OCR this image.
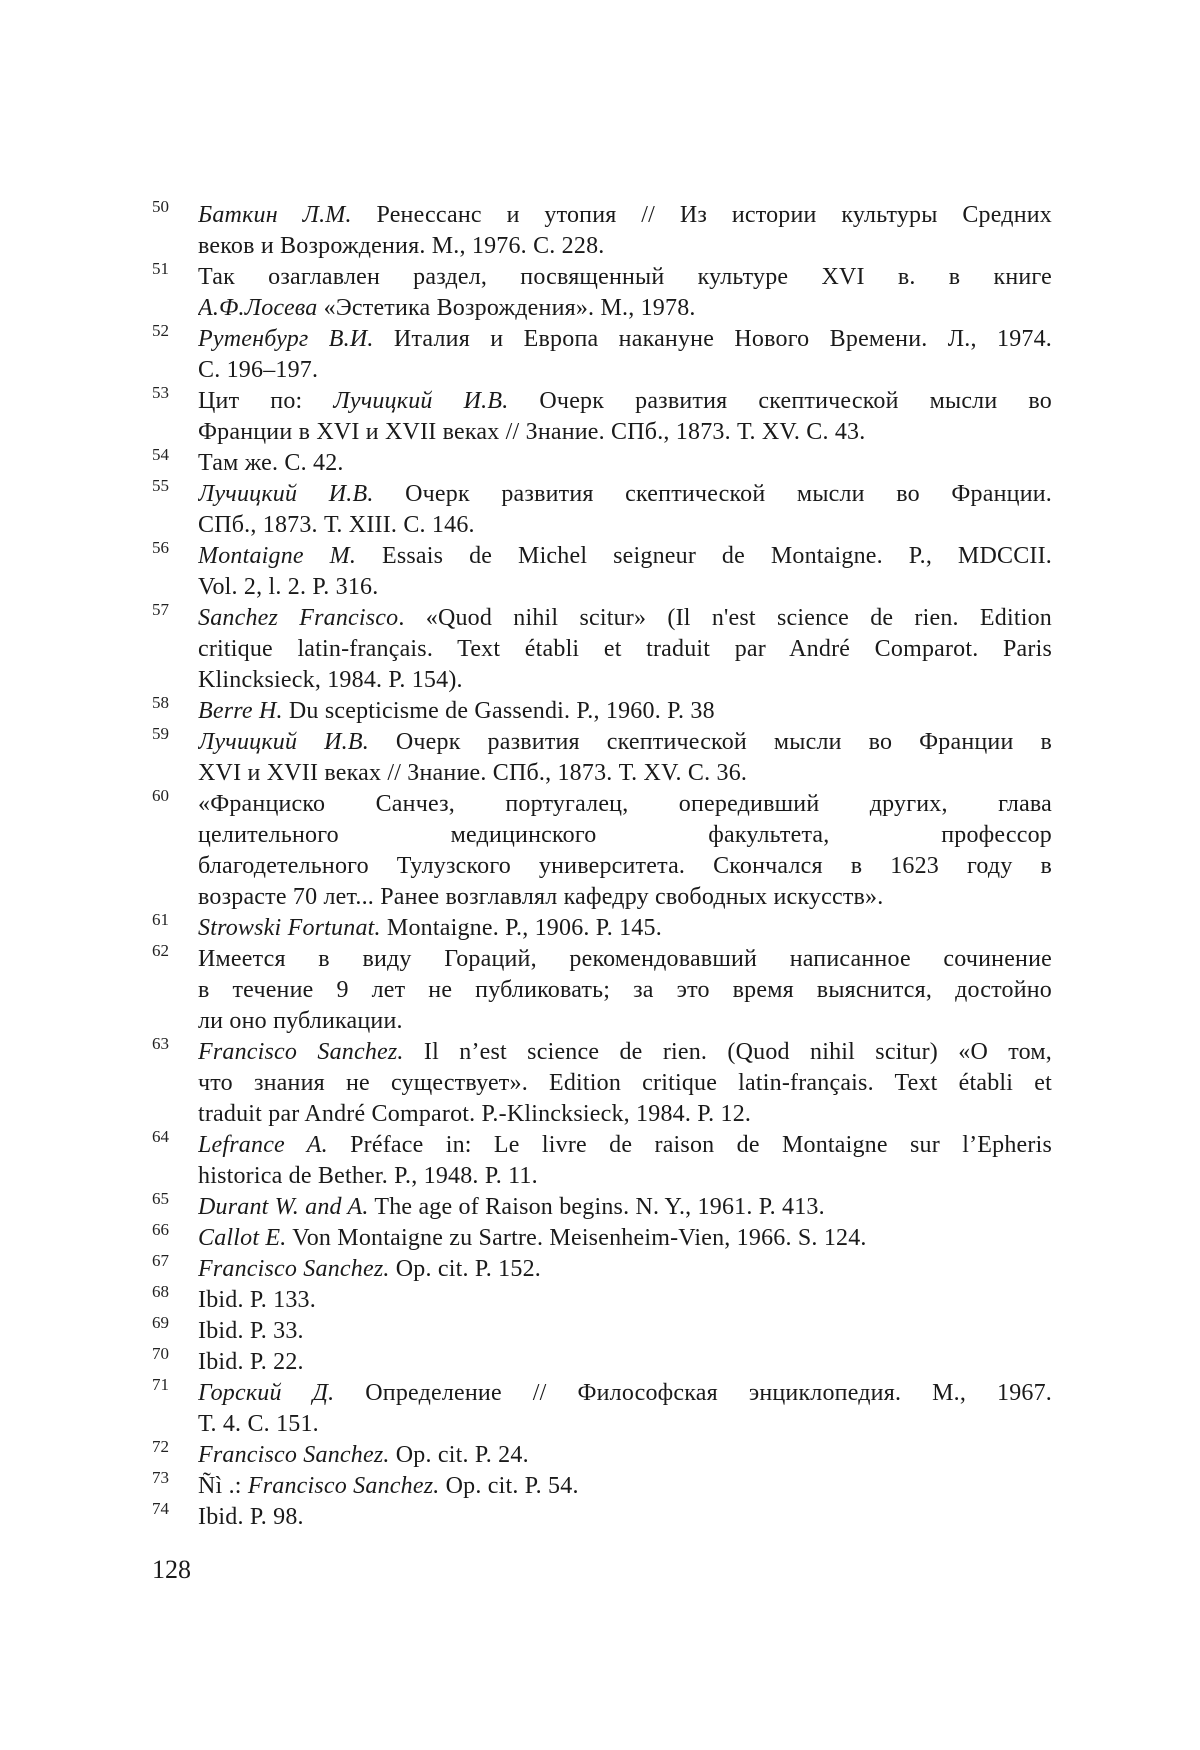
50 Баткин Л.М. Ренессанс и утопия // Из истории культуры Средних
веков и Возрождения. М., 1976. С. 228.
51 Так озаглавлен раздел, посвященный культуре XVI в. в книге
А.Ф.Лосева «Эстетика Возрождения». М., 1978.
52 Рутенбург В.И. Италия и Европа накануне Нового Времени. Л., 1974.
С. 196–197.
53 Цит по: Лучицкий И.В. Очерк развития скептической мысли во
Франции в XVI и XVII веках // Знание. СПб., 1873. Т. XV. С. 43.
54 Там же. С. 42.
55 Лучицкий И.В. Очерк развития скептической мысли во Франции.
СПб., 1873. Т. XIII. С. 146.
56 Montaigne M. Essais de Michel seigneur de Montaigne. P., MDCCII.
Vol. 2, l. 2. P. 316.
57 Sanchez Francisco. «Quod nihil scitur» (Il n'est science de rien. Edition
critique latin-français. Text établi et traduit par André Comparot. Paris
Klincksieck, 1984. P. 154).
58 Berre H. Du scepticisme de Gassendi. P., 1960. P. 38
59 Лучицкий И.В. Очерк развития скептической мысли во Франции в
XVI и XVII веках // Знание. СПб., 1873. Т. XV. С. 36.
60 «Франциско Санчез, португалец, опередивший других, глава
целительного медицинского факультета, профессор
благодетельного Тулузского университета. Скончался в 1623 году в
возрасте 70 лет... Ранее возглавлял кафедру свободных искусств».
61 Strowski Fortunat. Montaigne. P., 1906. P. 145.
62 Имеется в виду Гораций, рекомендовавший написанное сочинение
в течение 9 лет не публиковать; за это время выяснится, достойно
ли оно публикации.
63 Francisco Sanchez. Il n’est science de rien. (Quod nihil scitur) «О том,
что знания не существует». Edition critique latin-français. Text établi et
traduit par André Comparot. P.-Klincksieck, 1984. P. 12.
64 Lefrance A. Préface in: Le livre de raison de Montaigne sur l’Epheris
historica de Bether. P., 1948. P. 11.
65 Durant W. and A. The age of Raison begins. N. Y., 1961. P. 413.
66 Callot E. Von Montaigne zu Sartre. Meisenheim-Vien, 1966. S. 124.
67 Francisco Sanchez. Op. cit. P. 152.
68 Ibid. P. 133.
69 Ibid. P. 33.
70 Ibid. P. 22.
71 Горский Д. Определение // Философская энциклопедия. М., 1967.
Т. 4. С. 151.
72 Francisco Sanchez. Op. cit. P. 24.
73 Ñì .: Francisco Sanchez. Op. cit. P. 54.
74 Ibid. P. 98.
128
